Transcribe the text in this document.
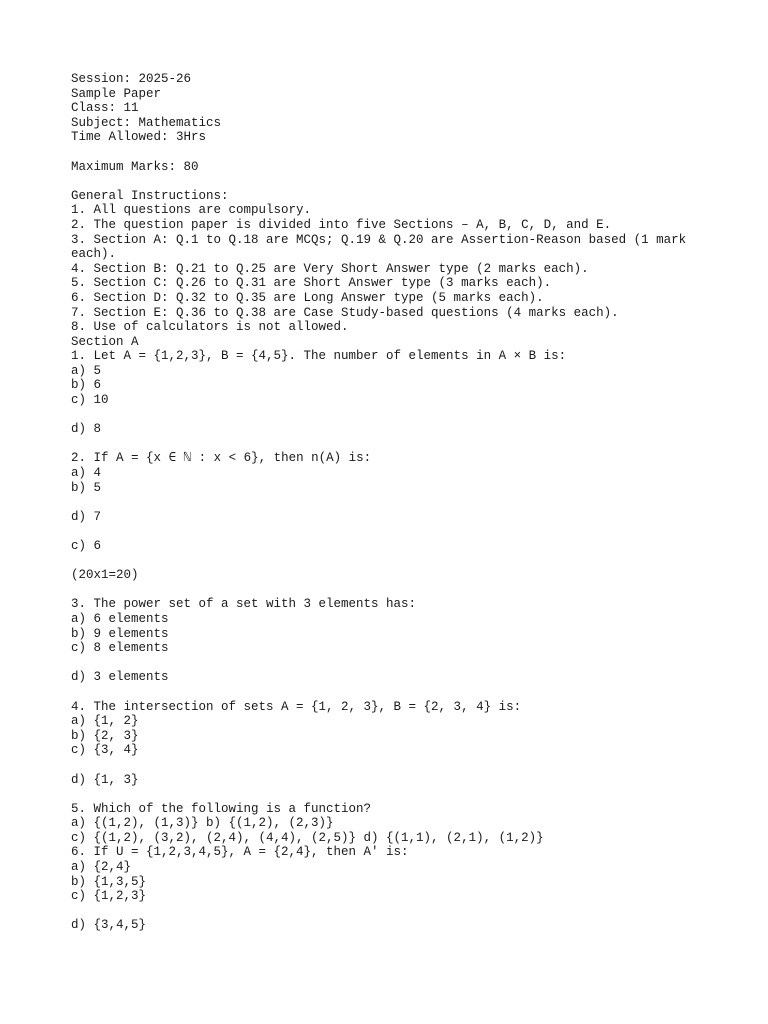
Session: 2025-26
Sample Paper
Class: 11
Subject: Mathematics
Time Allowed: 3Hrs
Maximum Marks: 80
General Instructions:
1. All questions are compulsory.
2. The question paper is divided into five Sections – A, B, C, D, and E.
3. Section A: Q.1 to Q.18 are MCQs; Q.19 & Q.20 are Assertion-Reason based (1 mark each).
4. Section B: Q.21 to Q.25 are Very Short Answer type (2 marks each).
5. Section C: Q.26 to Q.31 are Short Answer type (3 marks each).
6. Section D: Q.32 to Q.35 are Long Answer type (5 marks each).
7. Section E: Q.36 to Q.38 are Case Study-based questions (4 marks each).
8. Use of calculators is not allowed.
Section A
1. Let A = {1,2,3}, B = {4,5}. The number of elements in A × B is:
a) 5
b) 6
c) 10
d) 8
2. If A = {x ∈ ℕ : x < 6}, then n(A) is:
a) 4
b) 5
d) 7
c) 6
(20x1=20)
3. The power set of a set with 3 elements has:
a) 6 elements
b) 9 elements
c) 8 elements
d) 3 elements
4. The intersection of sets A = {1, 2, 3}, B = {2, 3, 4} is:
a) {1, 2}
b) {2, 3}
c) {3, 4}
d) {1, 3}
5. Which of the following is a function?
a) {(1,2), (1,3)} b) {(1,2), (2,3)}
c) {(1,2), (3,2), (2,4), (4,4), (2,5)} d) {(1,1), (2,1), (1,2)}
6. If U = {1,2,3,4,5}, A = {2,4}, then A' is:
a) {2,4}
b) {1,3,5}
c) {1,2,3}
d) {3,4,5}
